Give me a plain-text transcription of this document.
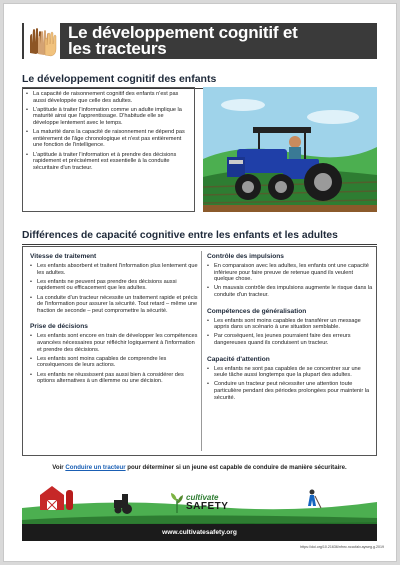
Le développement cognitif et
les tracteurs
Le développement cognitif des enfants
• La capacité de raisonnement cognitif des enfants n'est pas aussi développée que celle des adultes.
• L'aptitude à traiter l'information comme un adulte implique la maturité ainsi que l'apprentissage. D'habitude elle se développe lentement avec le temps.
• La maturité dans la capacité de raisonnement ne dépend pas entièrement de l'âge chronologique et n'est pas entièrement une fonction de l'intelligence.
• L'aptitude à traiter l'information et à prendre des décisions rapidement et précisément est essentielle à la conduite sécuritaire d'un tracteur.
Différences de capacité cognitive entre les enfants et les adultes
Vitesse de traitement
• Les enfants absorbent et traitent l'information plus lentement que les adultes.
• Les enfants ne peuvent pas prendre des décisions aussi rapidement ou efficacement que les adultes.
• La conduite d'un tracteur nécessite un traitement rapide et précis de l'information pour assurer la sécurité. Tout retard – même une fraction de seconde – peut compromettre la sécurité.
Prise de décisions
• Les enfants sont encore en train de développer les compétences avancées nécessaires pour réfléchir logiquement à l'information et prendre des décisions.
• Les enfants sont moins capables de comprendre les conséquences de leurs actions.
• Les enfants ne réussissent pas aussi bien à considérer des options alternatives à un dilemme ou une décision.
Contrôle des impulsions
• En comparaison avec les adultes, les enfants ont une capacité inférieure pour faire preuve de retenue quand ils veulent quelque chose.
• Un mauvais contrôle des impulsions augmente le risque dans la conduite d'un tracteur.
Compétences de généralisation
• Les enfants sont moins capables de transférer un message appris dans un scénario à une situation semblable.
• Par conséquent, les jeunes pourraient faire des erreurs dangereuses quand ils conduisent un tracteur.
Capacité d'attention
• Les enfants ne sont pas capables de se concentrer sur une seule tâche aussi longtemps que la plupart des adultes.
• Conduire un tracteur peut nécessiter une attention toute particulière pendant des périodes prolongées pour maintenir la sécurité.
Voir Conduire un tracteur pour déterminer si un jeune est capable de conduire de manière sécuritaire.
cultivate
SAFETY
www.cultivatesafety.org
https://doi.org/10.21636/nfnrc.ncccfalv.ayweg.g.2019
